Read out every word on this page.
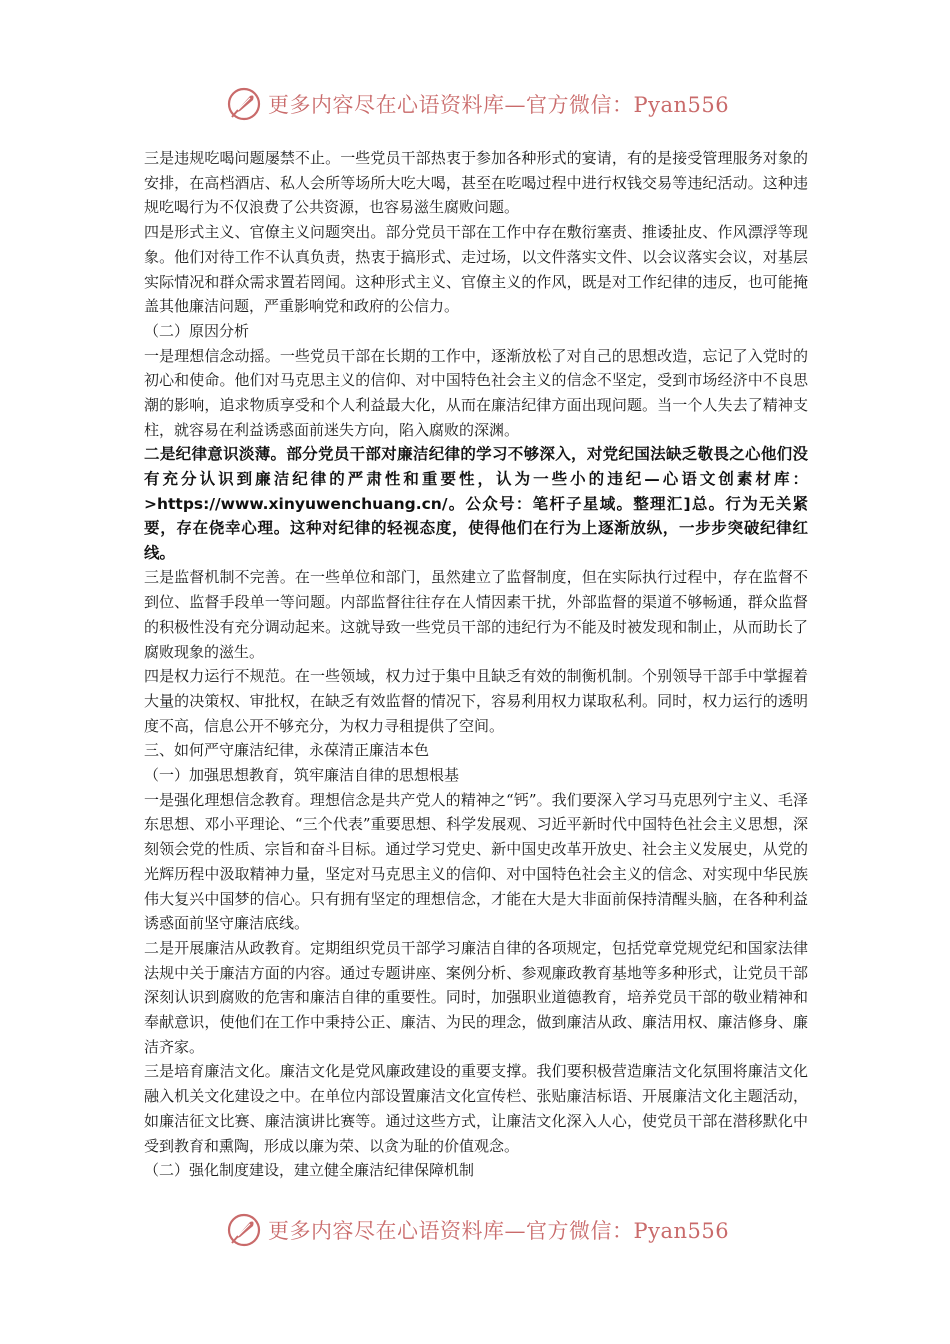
更多内容尽在心语资料库—官方微信：Pyan556

三是违规吃喝问题屡禁不止。一些党员干部热衷于参加各种形式的宴请，有的是接受管理服务对象的安排，在高档酒店、私人会所等场所大吃大喝，甚至在吃喝过程中进行权钱交易等违纪活动。这种违规吃喝行为不仅浪费了公共资源，也容易滋生腐败问题。

四是形式主义、官僚主义问题突出。部分党员干部在工作中存在敷衍塞责、推诿扯皮、作风漂浮等现象。他们对待工作不认真负责，热衷于搞形式、走过场，以文件落实文件、以会议落实会议，对基层实际情况和群众需求置若罔闻。这种形式主义、官僚主义的作风，既是对工作纪律的违反，也可能掩盖其他廉洁问题，严重影响党和政府的公信力。

（二）原因分析

一是理想信念动摇。一些党员干部在长期的工作中，逐渐放松了对自己的思想改造，忘记了入党时的初心和使命。他们对马克思主义的信仰、对中国特色社会主义的信念不坚定，受到市场经济中不良思潮的影响，追求物质享受和个人利益最大化，从而在廉洁纪律方面出现问题。当一个人失去了精神支柱，就容易在利益诱惑面前迷失方向，陷入腐败的深渊。

二是纪律意识淡薄。部分党员干部对廉洁纪律的学习不够深入，对党纪国法缺乏敬畏之心他们没有充分认识到廉洁纪律的严肃性和重要性，认为一些小的违纪—心语文创素材库：>https://www.xinyuwenchuang.cn/。公众号：笔杆子星域。整理汇]总。行为无关紧要，存在侥幸心理。这种对纪律的轻视态度，使得他们在行为上逐渐放纵，一步步突破纪律红线。

三是监督机制不完善。在一些单位和部门，虽然建立了监督制度，但在实际执行过程中，存在监督不到位、监督手段单一等问题。内部监督往往存在人情因素干扰，外部监督的渠道不够畅通，群众监督的积极性没有充分调动起来。这就导致一些党员干部的违纪行为不能及时被发现和制止，从而助长了腐败现象的滋生。

四是权力运行不规范。在一些领域，权力过于集中且缺乏有效的制衡机制。个别领导干部手中掌握着大量的决策权、审批权，在缺乏有效监督的情况下，容易利用权力谋取私利。同时，权力运行的透明度不高，信息公开不够充分，为权力寻租提供了空间。

三、如何严守廉洁纪律，永葆清正廉洁本色

（一）加强思想教育，筑牢廉洁自律的思想根基

一是强化理想信念教育。理想信念是共产党人的精神之“钙”。我们要深入学习马克思列宁主义、毛泽东思想、邓小平理论、“三个代表”重要思想、科学发展观、习近平新时代中国特色社会主义思想，深刻领会党的性质、宗旨和奋斗目标。通过学习党史、新中国史改革开放史、社会主义发展史，从党的光辉历程中汲取精神力量，坚定对马克思主义的信仰、对中国特色社会主义的信念、对实现中华民族伟大复兴中国梦的信心。只有拥有坚定的理想信念，才能在大是大非面前保持清醒头脑，在各种利益诱惑面前坚守廉洁底线。

二是开展廉洁从政教育。定期组织党员干部学习廉洁自律的各项规定，包括党章党规党纪和国家法律法规中关于廉洁方面的内容。通过专题讲座、案例分析、参观廉政教育基地等多种形式，让党员干部深刻认识到腐败的危害和廉洁自律的重要性。同时，加强职业道德教育，培养党员干部的敬业精神和奉献意识，使他们在工作中秉持公正、廉洁、为民的理念，做到廉洁从政、廉洁用权、廉洁修身、廉洁齐家。

三是培育廉洁文化。廉洁文化是党风廉政建设的重要支撑。我们要积极营造廉洁文化氛围将廉洁文化融入机关文化建设之中。在单位内部设置廉洁文化宣传栏、张贴廉洁标语、开展廉洁文化主题活动，如廉洁征文比赛、廉洁演讲比赛等。通过这些方式，让廉洁文化深入人心，使党员干部在潜移默化中受到教育和熏陶，形成以廉为荣、以贪为耻的价值观念。

（二）强化制度建设，建立健全廉洁纪律保障机制

更多内容尽在心语资料库—官方微信：Pyan556
